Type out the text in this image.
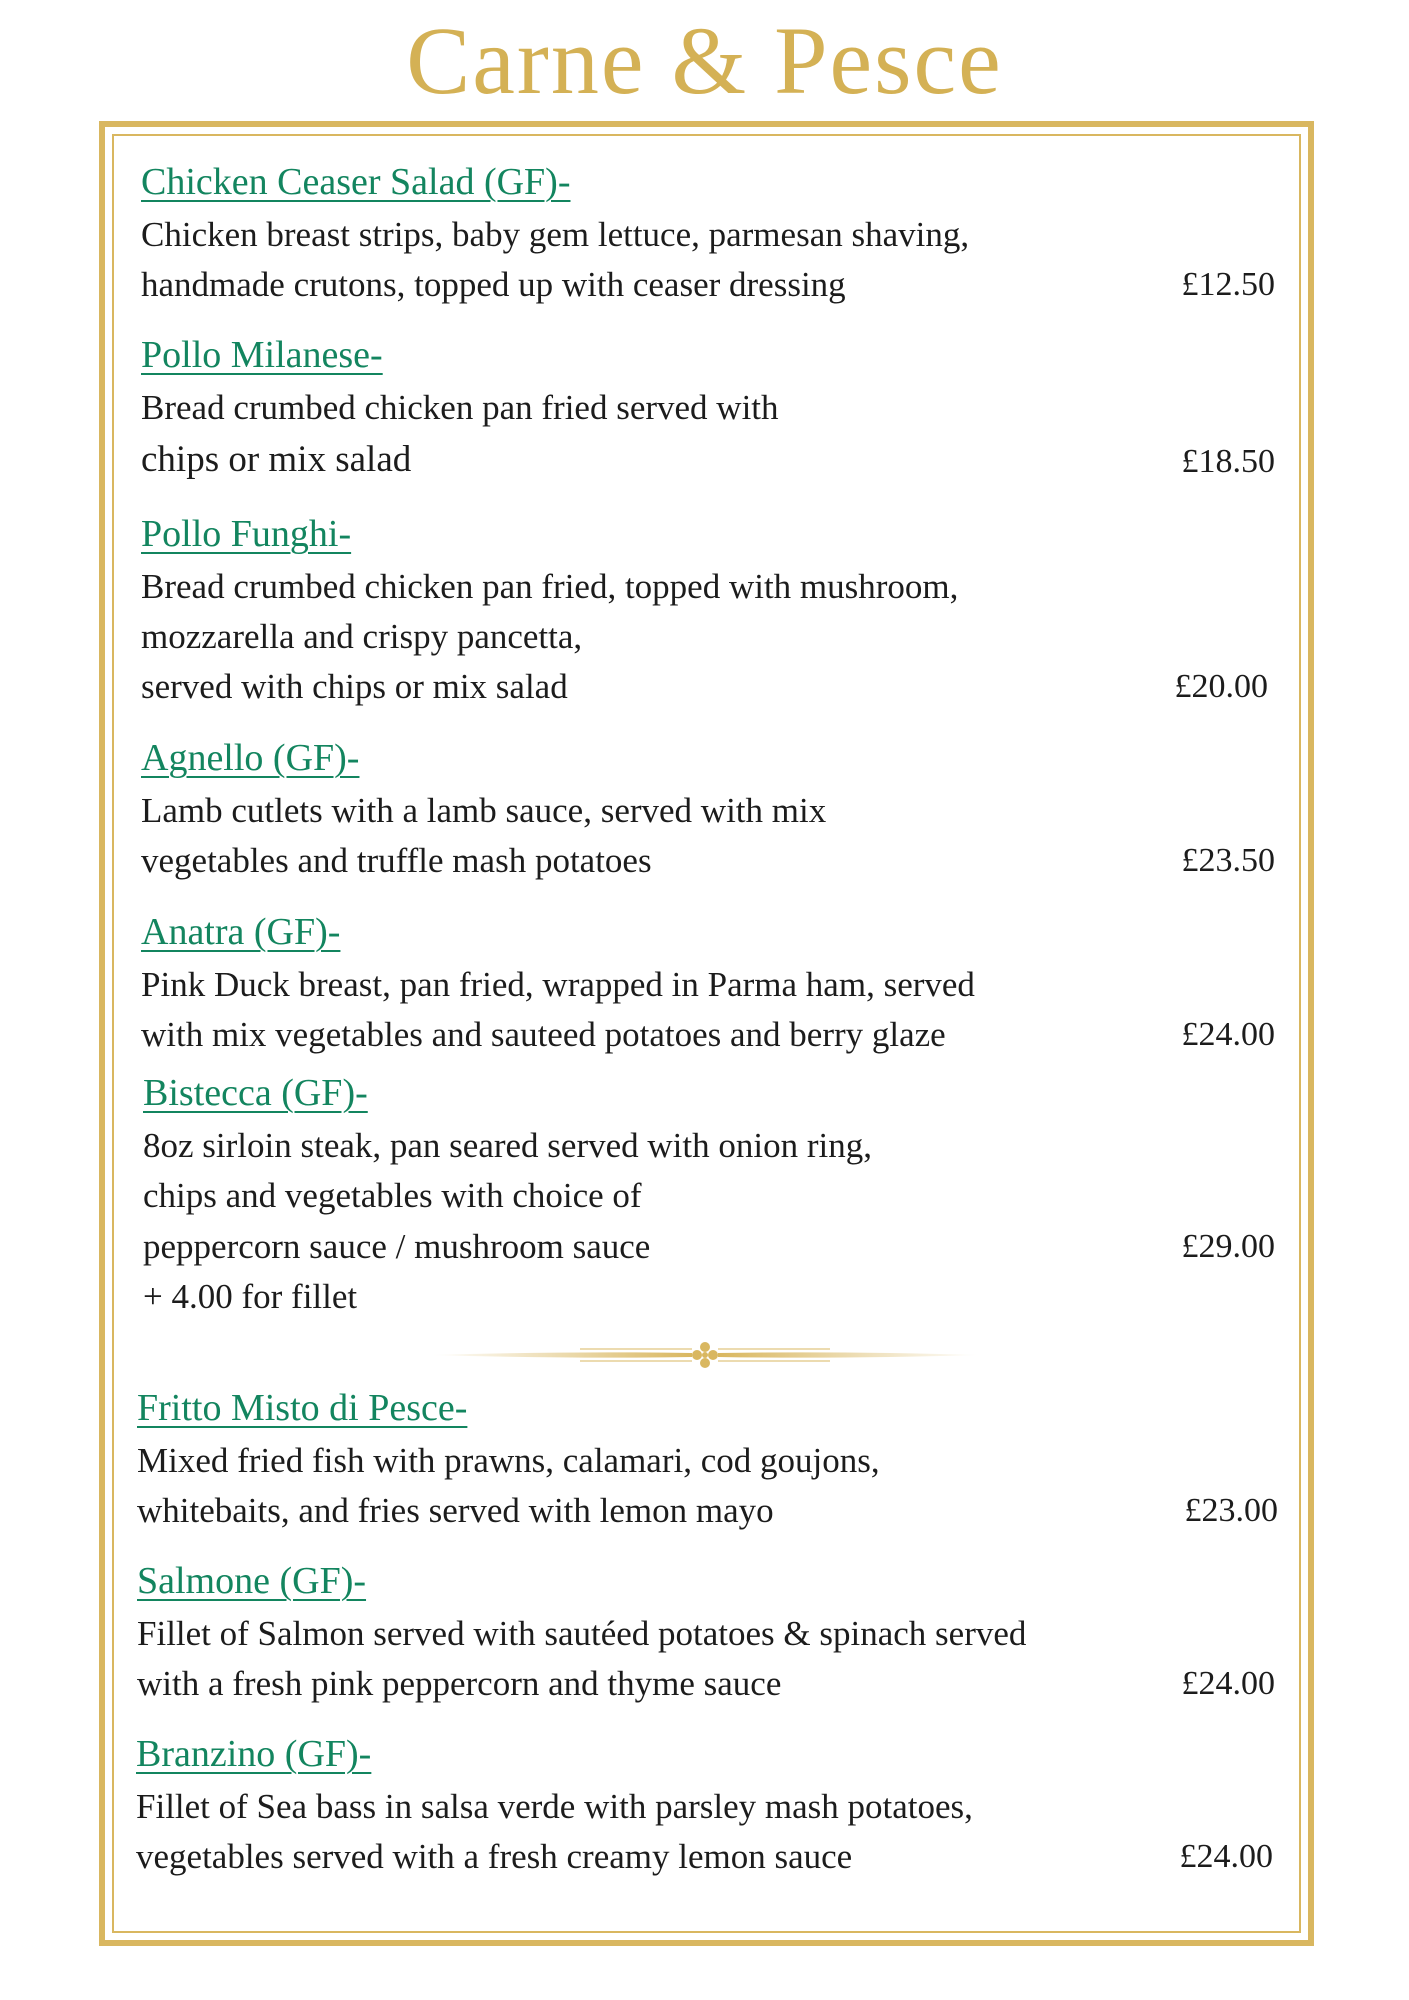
Carne & Pesce
Chicken Ceaser Salad (GF)-
Chicken breast strips, baby gem lettuce, parmesan shaving,
handmade crutons, topped up with ceaser dressing	£12.50
Pollo Milanese-
Bread crumbed chicken pan fried served with
chips or mix salad	£18.50
Pollo Funghi-
Bread crumbed chicken pan fried, topped with mushroom,
mozzarella and crispy pancetta,
served with chips or mix salad	£20.00
Agnello (GF)-
Lamb cutlets with a lamb sauce, served with mix
vegetables and truffle mash potatoes	£23.50
Anatra (GF)-
Pink Duck breast, pan fried, wrapped in Parma ham, served
with mix vegetables and sauteed potatoes and berry glaze	£24.00
Bistecca (GF)-
8oz sirloin steak, pan seared served with onion ring,
chips and vegetables with choice of
peppercorn sauce / mushroom sauce
+ 4.00 for fillet
£29.00
Fritto Misto di Pesce-
Mixed fried fish with prawns, calamari, cod goujons,
whitebaits, and fries served with lemon mayo	£23.00
Salmone (GF)-
Fillet of Salmon served with sautéed potatoes & spinach served
with a fresh pink peppercorn and thyme sauce	£24.00
Branzino (GF)-
Fillet of Sea bass in salsa verde with parsley mash potatoes,
vegetables served with a fresh creamy lemon sauce	£24.00
